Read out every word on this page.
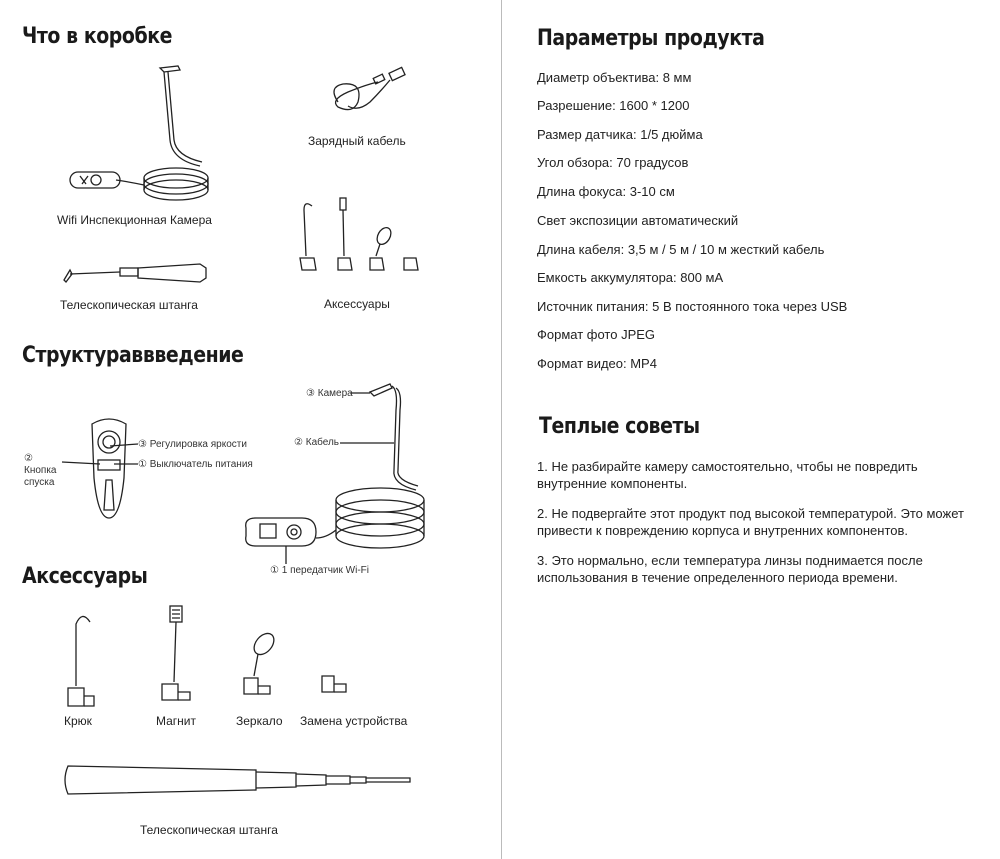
Что в коробке
Wifi Инспекционная Камера
Зарядный кабель
Телескопическая штанга	Аксессуары
Структураввведение
② Кнопка спуска
③ Регулировка яркости
① Выключатель питания
③ Камера
② Кабель
① 1 передатчик Wi-Fi
Аксессуары
Крюк	Магнит	Зеркало Замена устройства
Телескопическая штанга
Параметры продукта
Диаметр объектива: 8 мм
Разрешение: 1600 * 1200
Размер датчика: 1/5 дюйма
Угол обзора: 70 градусов
Длина фокуса: 3-10 см
Свет экспозиции автоматический
Длина кабеля: 3,5 м / 5 м / 10 м жесткий кабель
Емкость аккумулятора: 800 мА
Источник питания: 5 В постоянного тока через USB
Формат фото JPEG
Формат видео: MP4
Теплые советы
1. Не разбирайте камеру самостоятельно, чтобы не повредить внутренние компоненты.
2. Не подвергайте этот продукт под высокой температурой. Это может привести к повреждению корпуса и внутренних компонентов.
3. Это нормально, если температура линзы поднимается после использования в течение определенного периода времени.
